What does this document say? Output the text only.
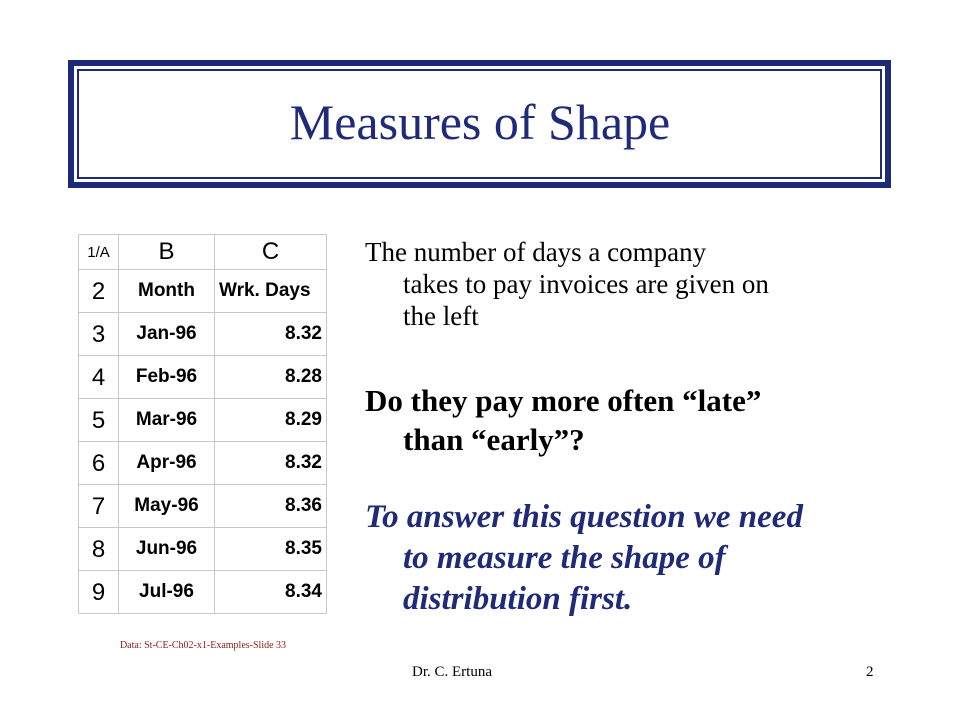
Measures of Shape
1/A	B	C
2	Month	Wrk. Days
3	Jan-96	8.32
4	Feb-96	8.28
5	Mar-96	8.29
6	Apr-96	8.32
7	May-96	8.36
8	Jun-96	8.35
9	Jul-96	8.34
Data: St-CE-Ch02-x1-Examples-Slide 33

The number of days a company
takes to pay invoices are given on
the left

Do they pay more often “late”
than “early”?

To answer this question we need
to measure the shape of
distribution first.

Dr. C. Ertuna	2
